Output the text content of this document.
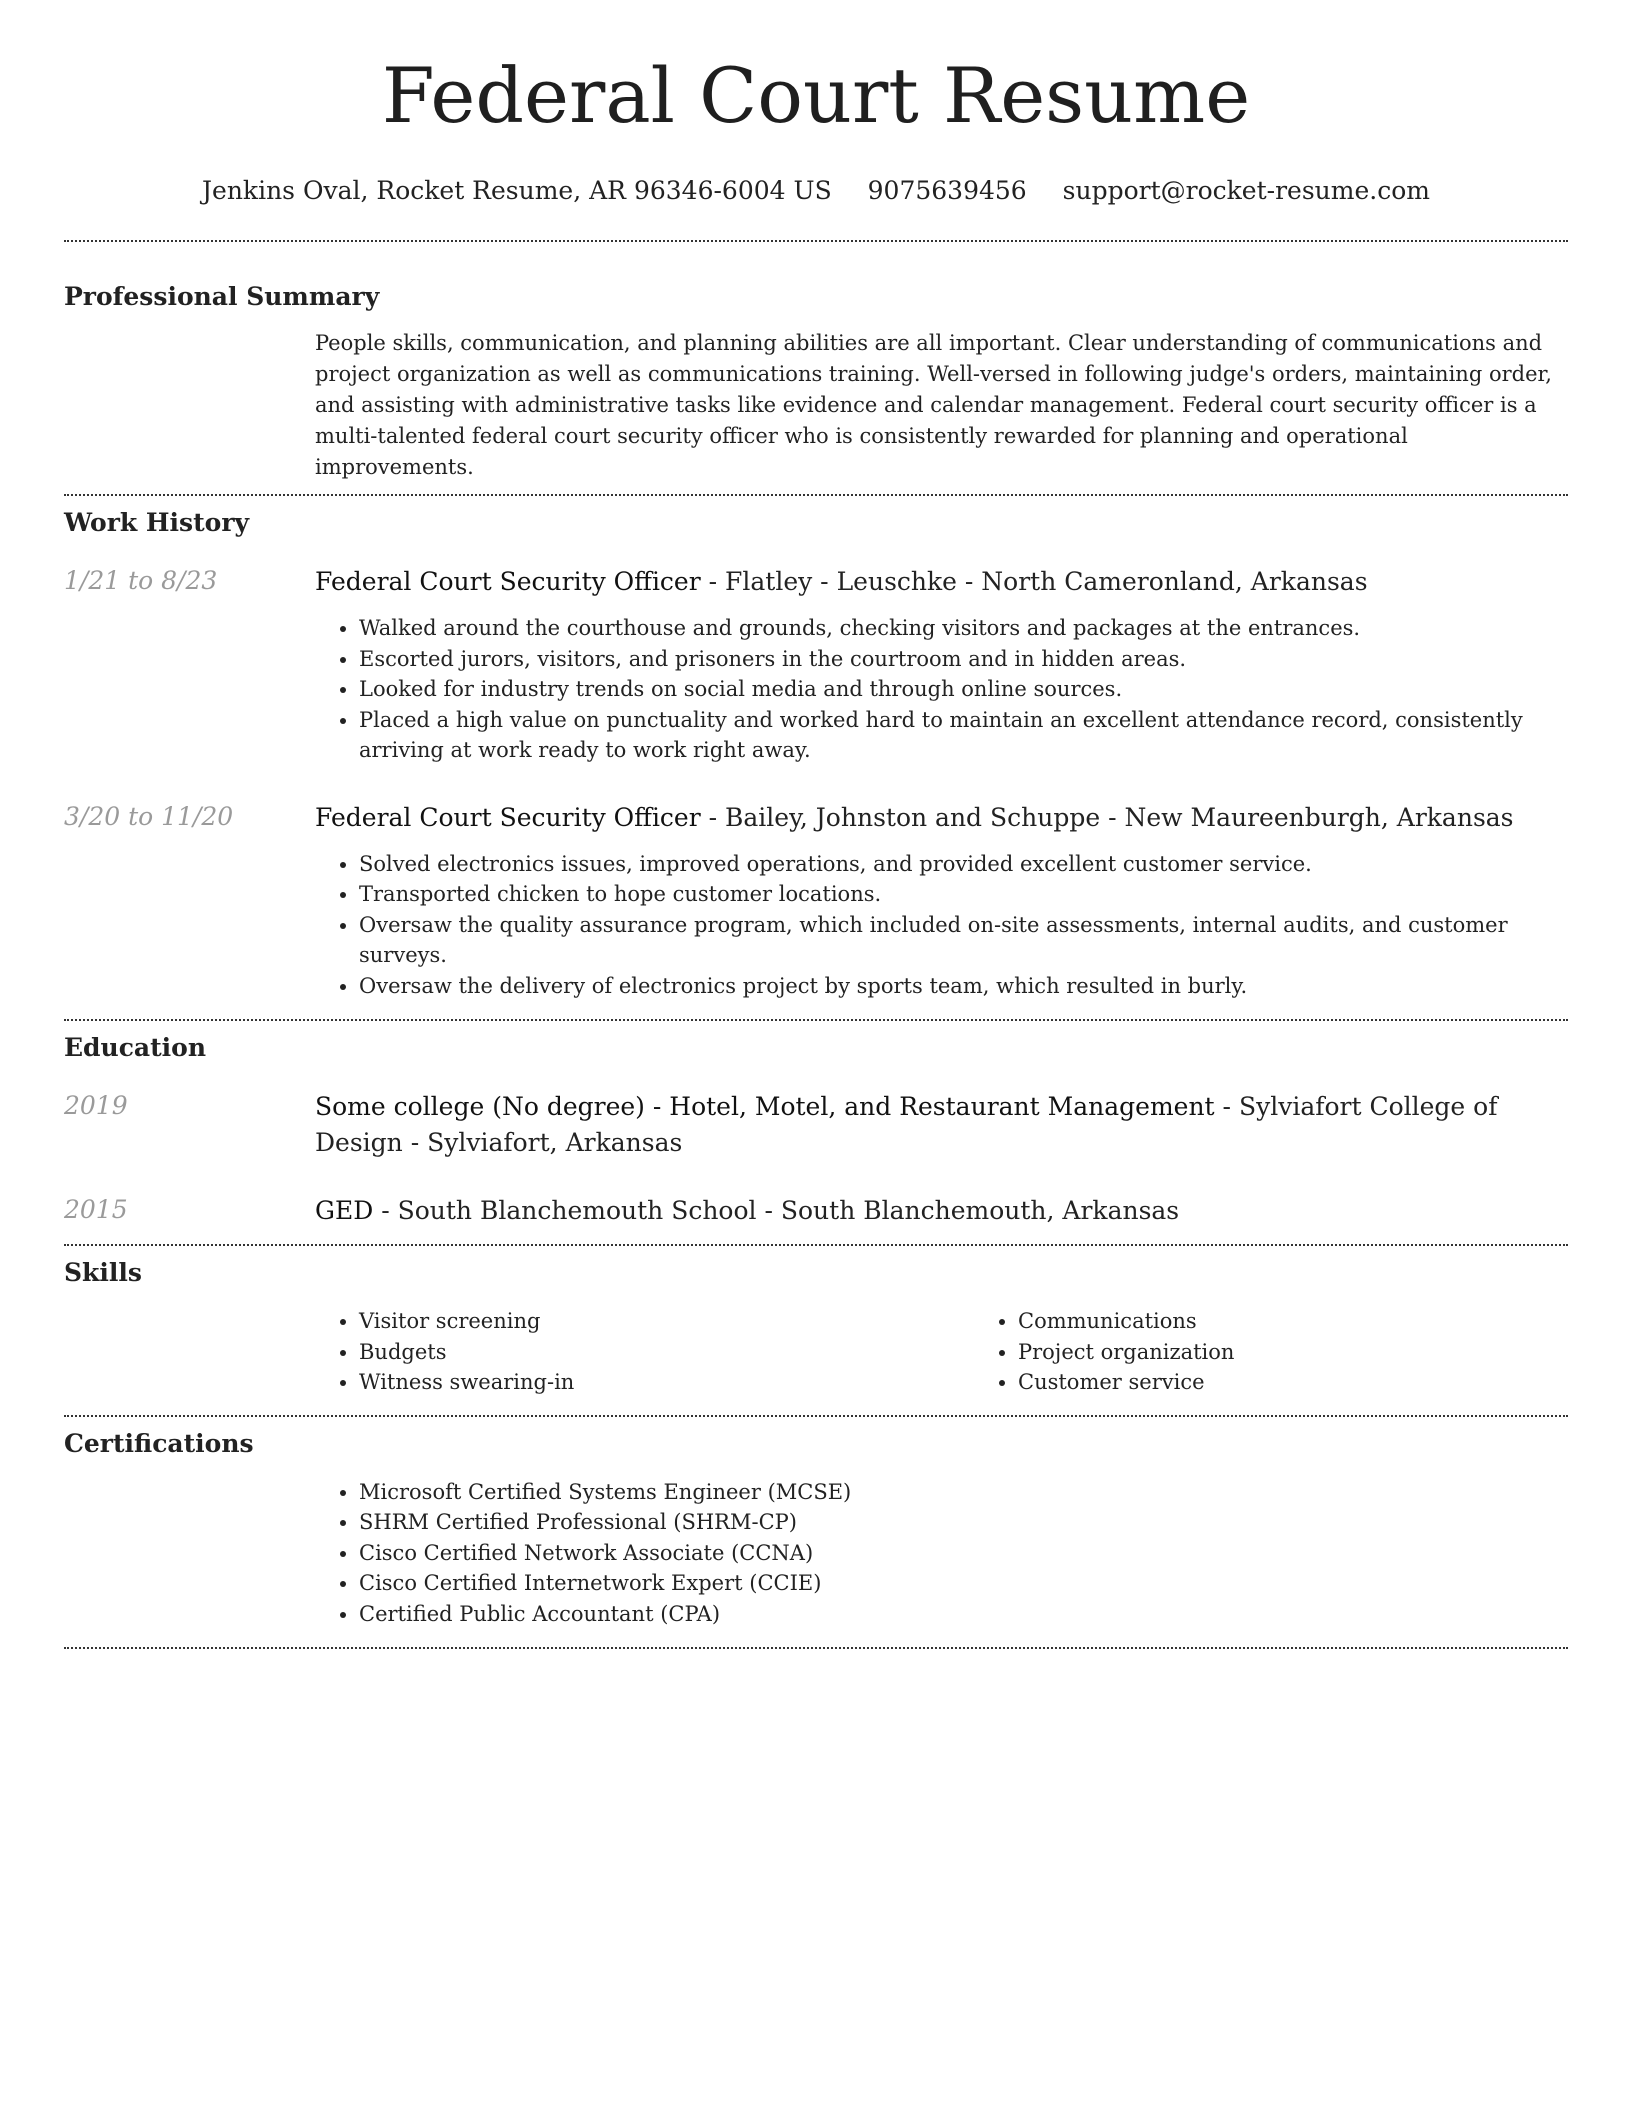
Federal Court Resume
Jenkins Oval, Rocket Resume, AR 96346-6004 US 9075639456 support@rocket-resume.com
Professional Summary

People skills, communication, and planning abilities are all important. Clear understanding of communications and project organization as well as communications training. Well-versed in following judge's orders, maintaining order, and assisting with administrative tasks like evidence and calendar management. Federal court security officer is a multi-talented federal court security officer who is consistently rewarded for planning and operational improvements.

Work History
1/21 to 8/23	Federal Court Security Officer - Flatley - Leuschke - North Cameronland, Arkansas

• Walked around the courthouse and grounds, checking visitors and packages at the entrances.
• Escorted jurors, visitors, and prisoners in the courtroom and in hidden areas.
• Looked for industry trends on social media and through online sources.
• Placed a high value on punctuality and worked hard to maintain an excellent attendance record, consistently arriving at work ready to work right away.
3/20 to 11/20	Federal Court Security Officer - Bailey, Johnston and Schuppe - New Maureenburgh, Arkansas

• Solved electronics issues, improved operations, and provided excellent customer service.
• Transported chicken to hope customer locations.
• Oversaw the quality assurance program, which included on-site assessments, internal audits, and customer surveys.
• Oversaw the delivery of electronics project by sports team, which resulted in burly.
Education
2019	Some college (No degree) - Hotel, Motel, and Restaurant Management - Sylviafort College of Design - Sylviafort, Arkansas

2015	GED - South Blanchemouth School - South Blanchemouth, Arkansas

Skills
• Visitor screening
• Budgets
• Witness swearing-in
• Communications
• Project organization
• Customer service
Certifications
• Microsoft Certified Systems Engineer (MCSE)
• SHRM Certified Professional (SHRM-CP)
• Cisco Certified Network Associate (CCNA)
• Cisco Certified Internetwork Expert (CCIE)
• Certified Public Accountant (CPA)
